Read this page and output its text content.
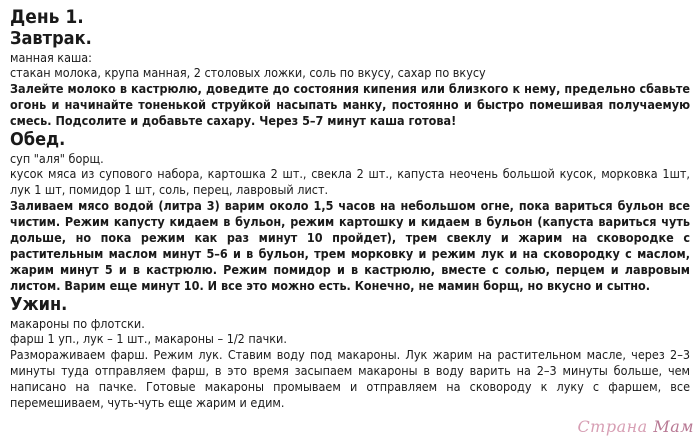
День 1.
Завтрак.

манная каша:

стакан молока, крупа манная, 2 столовых ложки, соль по вкусу, сахар по вкусу

Залейте молоко в кастрюлю, доведите до состояния кипения или близкого к нему, предельно сбавьте огонь и начинайте тоненькой струйкой насыпать манку, постоянно и быстро помешивая получаемую смесь. Подсолите и добавьте сахару. Через 5–7 минут каша готова!

Обед.

суп "аля" борщ.

кусок мяса из супового набора, картошка 2 шт., свекла 2 шт., капуста неочень большой кусок, морковка 1шт, лук 1 шт, помидор 1 шт, соль, перец, лавровый лист.

Заливаем мясо водой (литра 3) варим около 1,5 часов на небольшом огне, пока вариться бульон все чистим. Режим капусту кидаем в бульон, режим картошку и кидаем в бульон (капуста вариться чуть дольше, но пока режим как раз минут 10 пройдет), трем свеклу и жарим на сковородке с растительным маслом минут 5–6 и в бульон, трем морковку и режим лук и на сковородку с маслом, жарим минут 5 и в кастрюлю. Режим помидор и в кастрюлю, вместе с солью, перцем и лавровым листом. Варим еще минут 10. И все это можно есть. Конечно, не мамин борщ, но вкусно и сытно.

Ужин.

макароны по флотски.

фарш 1 уп., лук – 1 шт., макароны – 1/2 пачки.

Размораживаем фарш. Режим лук. Ставим воду под макароны. Лук жарим на растительном масле, через 2–3 минуты туда отправляем фарш, в это время засыпаем макароны в воду варить на 2–3 минуты больше, чем написано на пачке. Готовые макароны промываем и отправляем на сковороду к луку с фаршем, все перемешиваем, чуть-чуть еще жарим и едим.

Страна Мам
